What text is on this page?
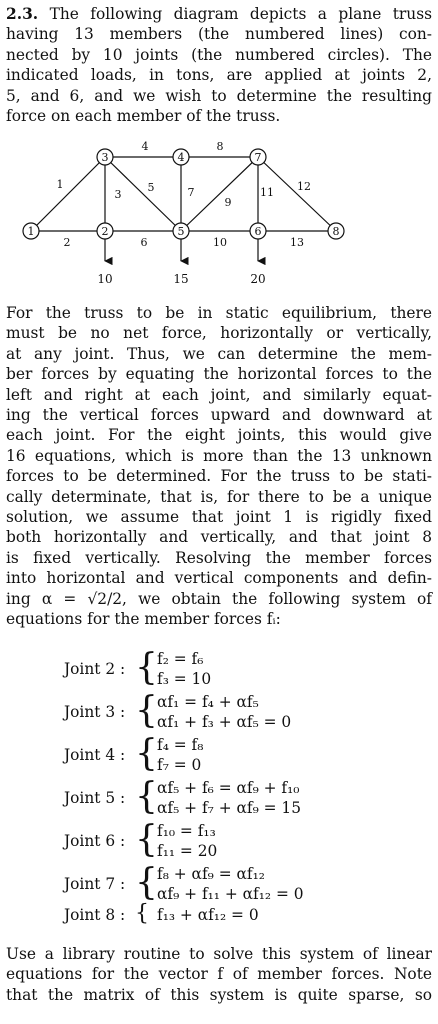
2.3. The following diagram depicts a plane truss
having 13 members (the numbered lines) con-
nected by 10 joints (the numbered circles). The
indicated loads, in tons, are applied at joints 2,
5, and 6, and we wish to determine the resulting
force on each member of the truss.

1
2
3
4
5
6
7
8
9
10
11 12
13
10	15	20
1	2
3	4
5	6
7
8

For the truss to be in static equilibrium, there
must be no net force, horizontally or vertically,
at any joint. Thus, we can determine the mem-
ber forces by equating the horizontal forces to the
left and right at each joint, and similarly equat-
ing the vertical forces upward and downward at
each joint. For the eight joints, this would give
16 equations, which is more than the 13 unknown
forces to be determined. For the truss to be stati-
cally determinate, that is, for there to be a unique
solution, we assume that joint 1 is rigidly fixed
both horizontally and vertically, and that joint 8
is fixed vertically. Resolving the member forces
into horizontal and vertical components and defin-
ing α = √2/2, we obtain the following system of
equations for the member forces fᵢ:

Joint 2 : { f₂ = f₆
f₃ = 10
Joint 3 : { αf₁ = f₄ + αf₅
αf₁ + f₃ + αf₅ = 0
Joint 4 : { f₄ = f₈
f₇ = 0
Joint 5 : { αf₅ + f₆ = αf₉ + f₁₀
αf₅ + f₇ + αf₉ = 15
Joint 6 : { f₁₀ = f₁₃
f₁₁ = 20
Joint 7 : { f₈ + αf₉ = αf₁₂
αf₉ + f₁₁ + αf₁₂ = 0
Joint 8 : { f₁₃ + αf₁₂ = 0

Use a library routine to solve this system of linear
equations for the vector f of member forces. Note
that the matrix of this system is quite sparse, so
